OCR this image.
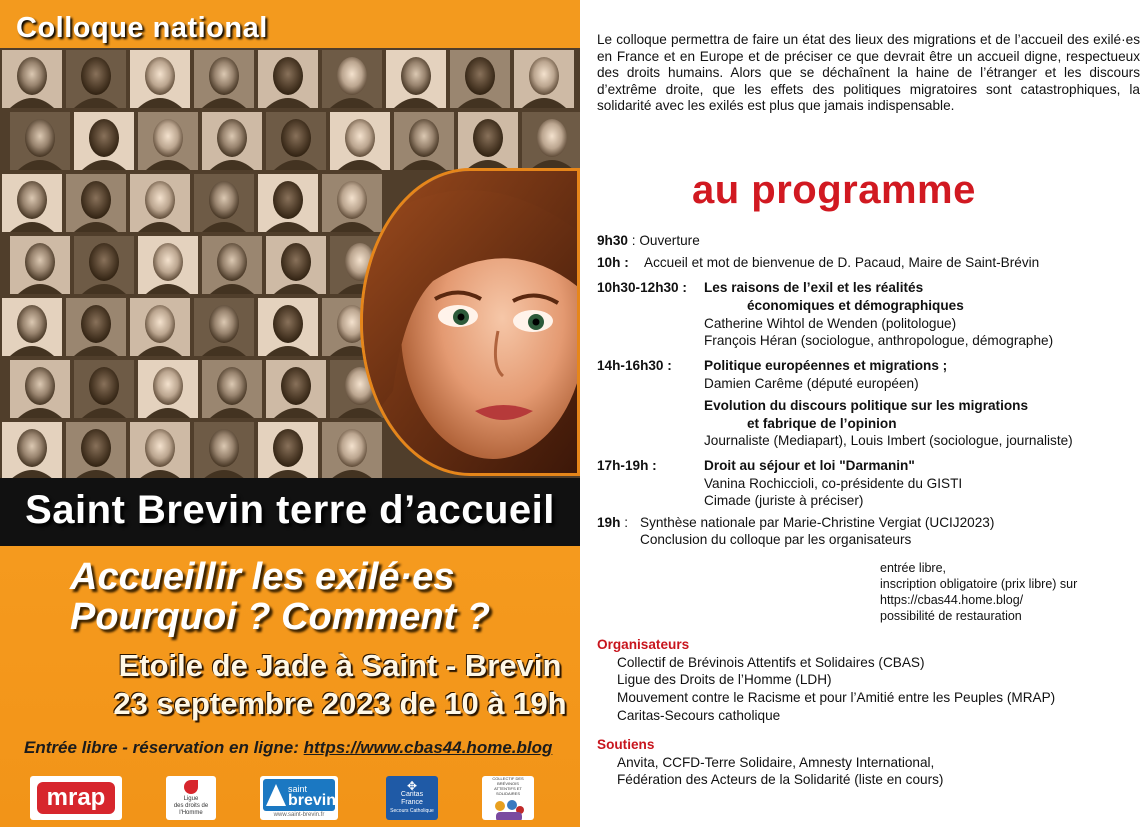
Colloque national
Saint Brevin terre d’accueil
Accueillir les exilé·es
Pourquoi ? Comment ?
Etoile de Jade à Saint - Brevin
23 septembre 2023 de 10 à 19h
Entrée libre - réservation en ligne: https://www.cbas44.home.blog
mrap	Ligue
des droits de
l'Homme
saint
brevin
www.saint-brevin.fr
✥
Caritas
France
Secours Catholique
COLLECTIF DES BRÉVINOIS
ATTENTIFS ET SOLIDAIRES
Le colloque permettra de faire un état des lieux des migrations et de l’accueil des exilé·es en France et en Europe et de préciser ce que devrait être un accueil digne, respectueux des droits humains. Alors que se déchaînent la haine de l’étranger et les discours d’extrême droite, que les effets des politiques migratoires sont catastrophiques, la solidarité avec les exilés est plus que jamais indispensable.
au programme
9h30 : Ouverture
10h : Accueil et mot de bienvenue de D. Pacaud, Maire de Saint-Brévin
10h30-12h30 : Les raisons de l’exil et les réalités
économiques et démographiques
Catherine Wihtol de Wenden (politologue)
François Héran (sociologue, anthropologue, démographe)
14h-16h30 : Politique européennes et migrations ;
Damien Carême (député européen)
Evolution du discours politique sur les migrations
et fabrique de l’opinion
Journaliste (Mediapart), Louis Imbert (sociologue, journaliste)
17h-19h :	Droit au séjour et loi "Darmanin"
Vanina Rochiccioli, co-présidente du GISTI
Cimade (juriste à préciser)
19h : Synthèse nationale par Marie-Christine Vergiat (UCIJ2023)
Conclusion du colloque par les organisateurs
entrée libre,
inscription obligatoire (prix libre) sur
https://cbas44.home.blog/
possibilité de restauration
Organisateurs
Collectif de Brévinois Attentifs et Solidaires (CBAS)
Ligue des Droits de l’Homme (LDH)
Mouvement contre le Racisme et pour l’Amitié entre les Peuples (MRAP)
Caritas-Secours catholique
Soutiens
Anvita, CCFD-Terre Solidaire, Amnesty International,
Fédération des Acteurs de la Solidarité (liste en cours)
